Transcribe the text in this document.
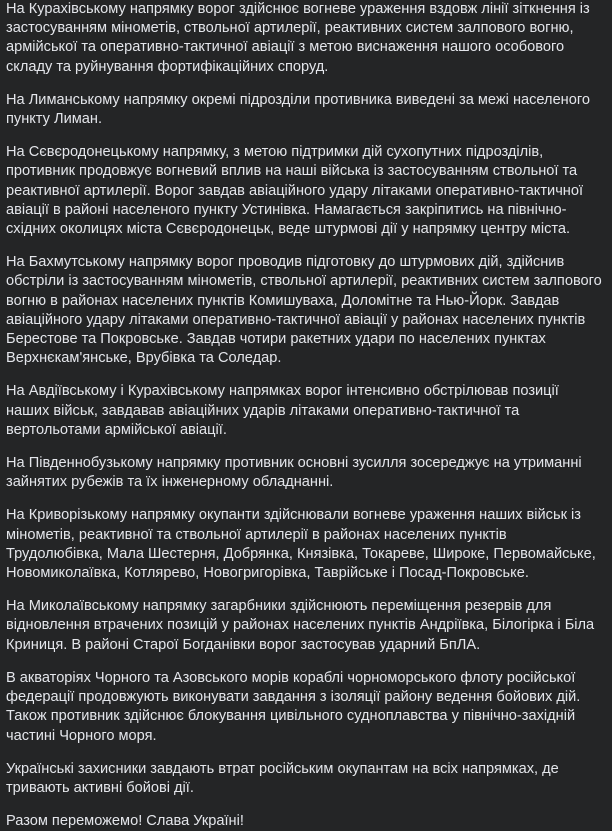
На Курахівському напрямку ворог здійснює вогневе ураження вздовж лінії зіткнення із застосуванням мінометів, ствольної артилерії, реактивних систем залпового вогню, армійської та оперативно-тактичної авіації з метою виснаження нашого особового складу та руйнування фортифікаційних споруд.

На Лиманському напрямку окремі підрозділи противника виведені за межі населеного пункту Лиман.

На Сєвєродонецькому напрямку, з метою підтримки дій сухопутних підрозділів, противник продовжує вогневий вплив на наші війська із застосуванням ствольної та реактивної артилерії. Ворог завдав авіаційного удару літаками оперативно-тактичної авіації в районі населеного пункту Устинівка. Намагається закріпитись на північно-східних околицях міста Сєвєродонецьк, веде штурмові дії у напрямку центру міста.

На Бахмутському напрямку ворог проводив підготовку до штурмових дій, здійснив обстріли із застосуванням мінометів, ствольної артилерії, реактивних систем залпового вогню в районах населених пунктів Комишуваха, Доломітне та Нью-Йорк. Завдав авіаційного удару літаками оперативно-тактичної авіації у районах населених пунктів Берестове та Покровське. Завдав чотири ракетних удари по населених пунктах Верхнєкам'янське, Врубівка та Соледар.

На Авдіївському і Курахівському напрямках ворог інтенсивно обстрілював позиції наших військ, завдавав авіаційних ударів літаками оперативно-тактичної та вертольотами армійської авіації.

На Південнобузькому напрямку противник основні зусилля зосереджує на утриманні зайнятих рубежів та їх інженерному обладнанні.

На Криворізькому напрямку окупанти здійснювали вогневе ураження наших військ із мінометів, реактивної та ствольної артилерії в районах населених пунктів Трудолюбівка, Мала Шестерня, Добрянка, Князівка, Токареве, Широке, Первомайське, Новомиколаївка, Котлярево, Новогригорівка, Таврійське і Посад-Покровське.

На Миколаївському напрямку загарбники здійснюють переміщення резервів для відновлення втрачених позицій у районах населених пунктів Андріївка, Білогірка і Біла Криниця. В районі Старої Богданівки ворог застосував ударний БпЛА.

В акваторіях Чорного та Азовського морів кораблі чорноморського флоту російської федерації продовжують виконувати завдання з ізоляції району ведення бойових дій. Також противник здійснює блокування цивільного судноплавства у північно-західній частині Чорного моря.

Українські захисники завдають втрат російським окупантам на всіх напрямках, де тривають активні бойові дії.

Разом переможемо! Слава Україні!
